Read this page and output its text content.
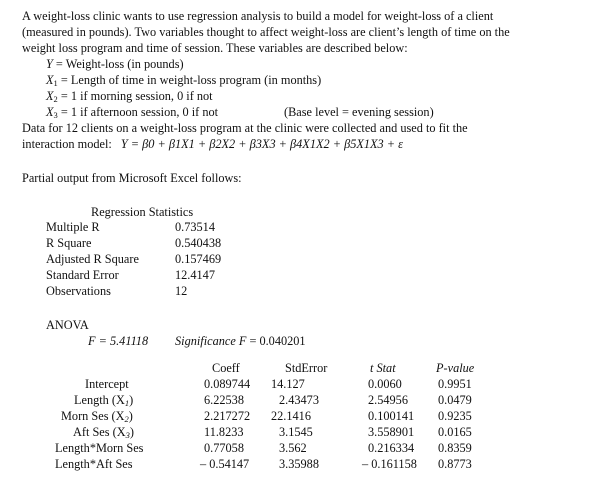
A weight-loss clinic wants to use regression analysis to build a model for weight-loss of a client
(measured in pounds). Two variables thought to affect weight-loss are client’s length of time on the
weight loss program and time of session. These variables are described below:
Y = Weight-loss (in pounds)
$X_1$ = Length of time in weight-loss program (in months)
$X_2 = 1$ if morning session, 0 if not
$X_3 = 1$ if afternoon session, 0 if not	(Base level = evening session)
Data for 12 clients on a weight-loss program at the clinic were collected and used to fit the
interaction model: Y = β0 + β1X1 + β2X2 + β3X3 + β4X1X2 + β5X1X3 + ε
Partial output from Microsoft Excel follows:
Regression Statistics
Multiple R	0.73514
R Square	0.540438
Adjusted R Square	0.157469
Standard Error	12.4147
Observations	12
ANOVA
F = 5.41118 Significance F = 0.040201
Coeff	StdError	t Stat	P-value
Intercept	0.089744 14.127	0.0060	0.9951
Length $(X_1)$	6.22538	2.43473	2.54956 0.0479
Morn Ses $(X_2)$	2.217272 22.1416	0.100141 0.9235
Aft Ses $(X_3)$	11.8233	3.1545	3.558901 0.0165
Length*Morn Ses	0.77058	3.562	0.216334 0.8359
Length*Aft Ses	– 0.54147 3.35988	– 0.161158 0.8773
